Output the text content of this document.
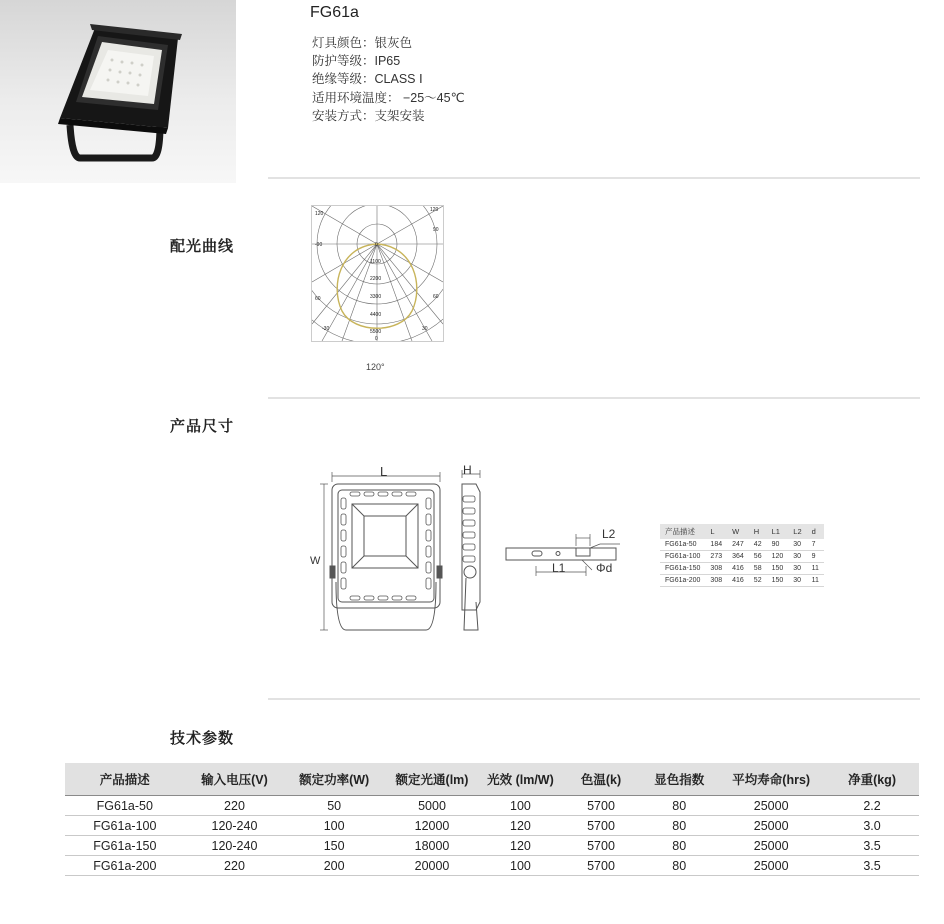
FG61a
灯具颜色：银灰色
防护等级：IP65
绝缘等级：CLASS Ⅰ
适用环境温度： −25～45℃
安装方式：支架安装
配光曲线
120
120
-90
90
60	60
-30	30
0
0
1100
2200
3300
4400
5500
120°
产品尺寸
L
W
H
L1
L2
Φd
产品描述	L	W	H	L1	L2	d
FG61a-50	184	247	42	90	30	7
FG61a-100	273	364	56	120	30	9
FG61a-150	308	416	58	150	30	11
FG61a-200	308	416	52	150	30	11
技术参数
产品描述	输入电压(V)	额定功率(W)	额定光通(lm)	光效 (lm/W)	色温(k)	显色指数	平均寿命(hrs)	净重(kg)
FG61a-50	220	50	5000	100	5700	80	25000	2.2
FG61a-100	120-240	100	12000	120	5700	80	25000	3.0
FG61a-150	120-240	150	18000	120	5700	80	25000	3.5
FG61a-200	220	200	20000	100	5700	80	25000	3.5
